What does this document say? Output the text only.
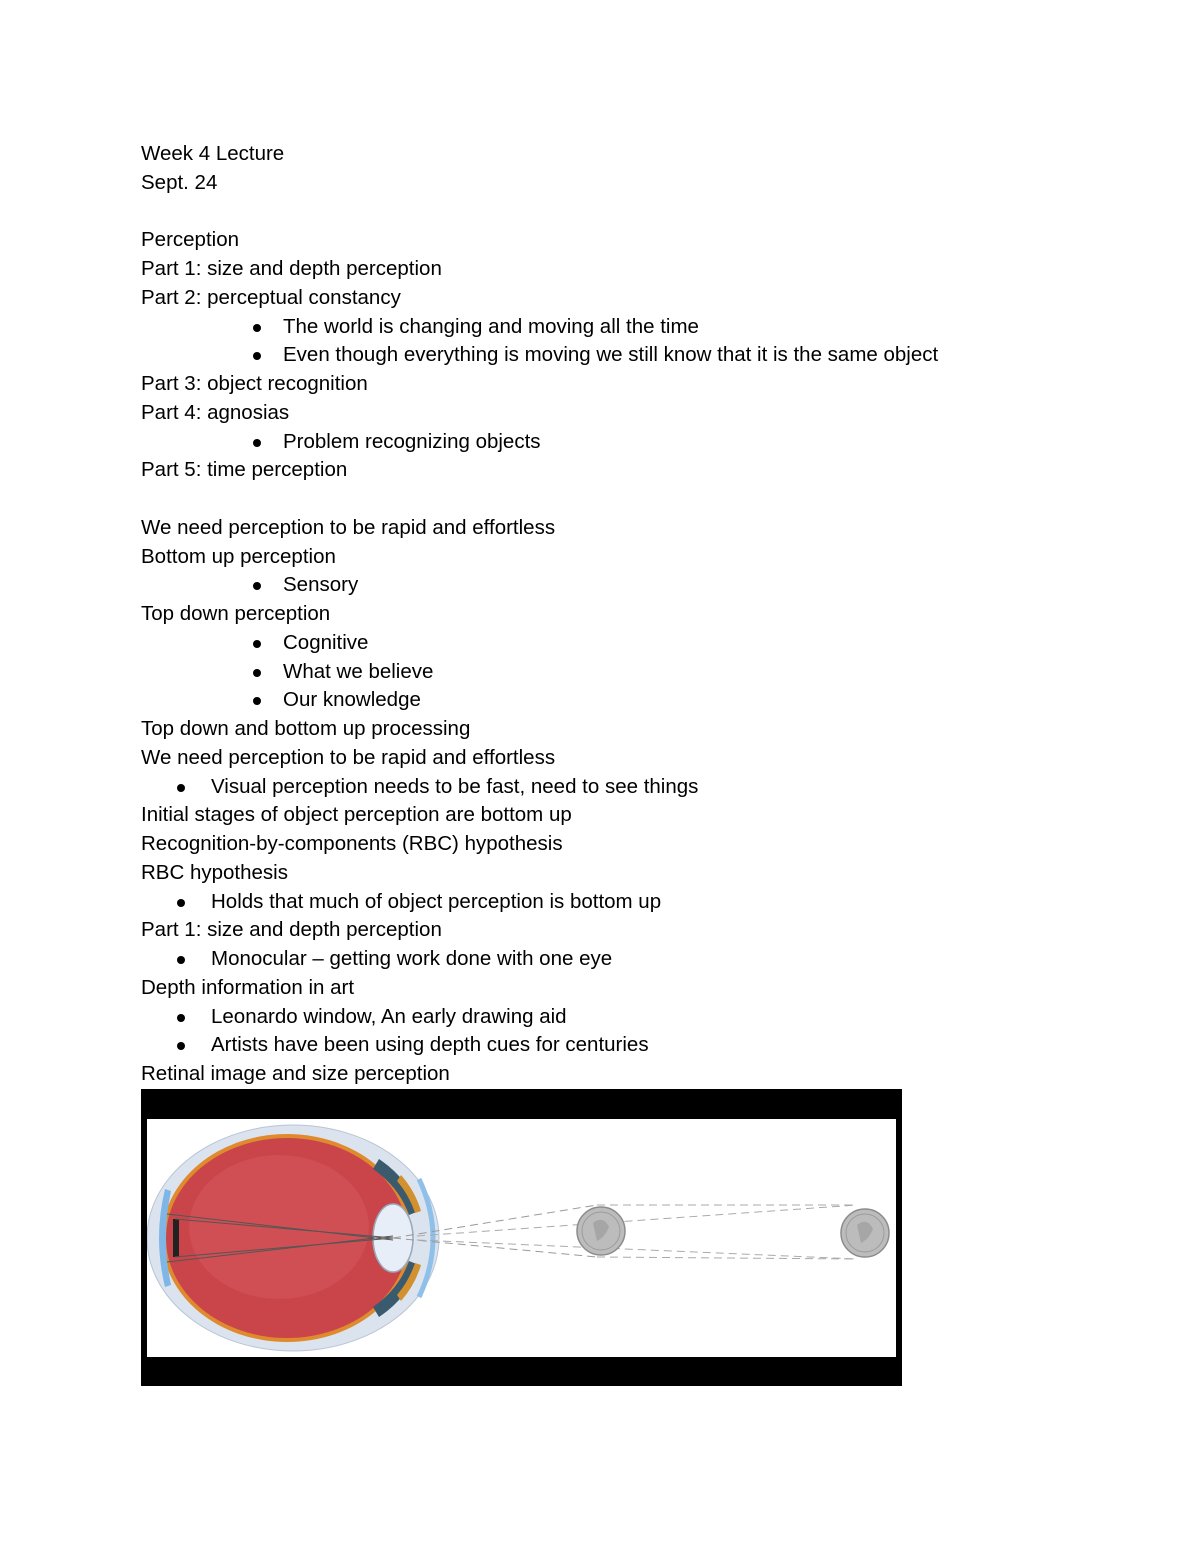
Week 4 Lecture
Sept. 24
Perception
Part 1: size and depth perception
Part 2: perceptual constancy
The world is changing and moving all the time
Even though everything is moving we still know that it is the same object
Part 3: object recognition
Part 4: agnosias
Problem recognizing objects
Part 5: time perception
We need perception to be rapid and effortless
Bottom up perception
Sensory
Top down perception
Cognitive
What we believe
Our knowledge
Top down and bottom up processing
We need perception to be rapid and effortless
Visual perception needs to be fast, need to see things
Initial stages of object perception are bottom up
Recognition-by-components (RBC) hypothesis
RBC hypothesis
Holds that much of object perception is bottom up
Part 1: size and depth perception
Monocular – getting work done with one eye
Depth information in art
Leonardo window, An early drawing aid
Artists have been using depth cues for centuries
Retinal image and size perception
